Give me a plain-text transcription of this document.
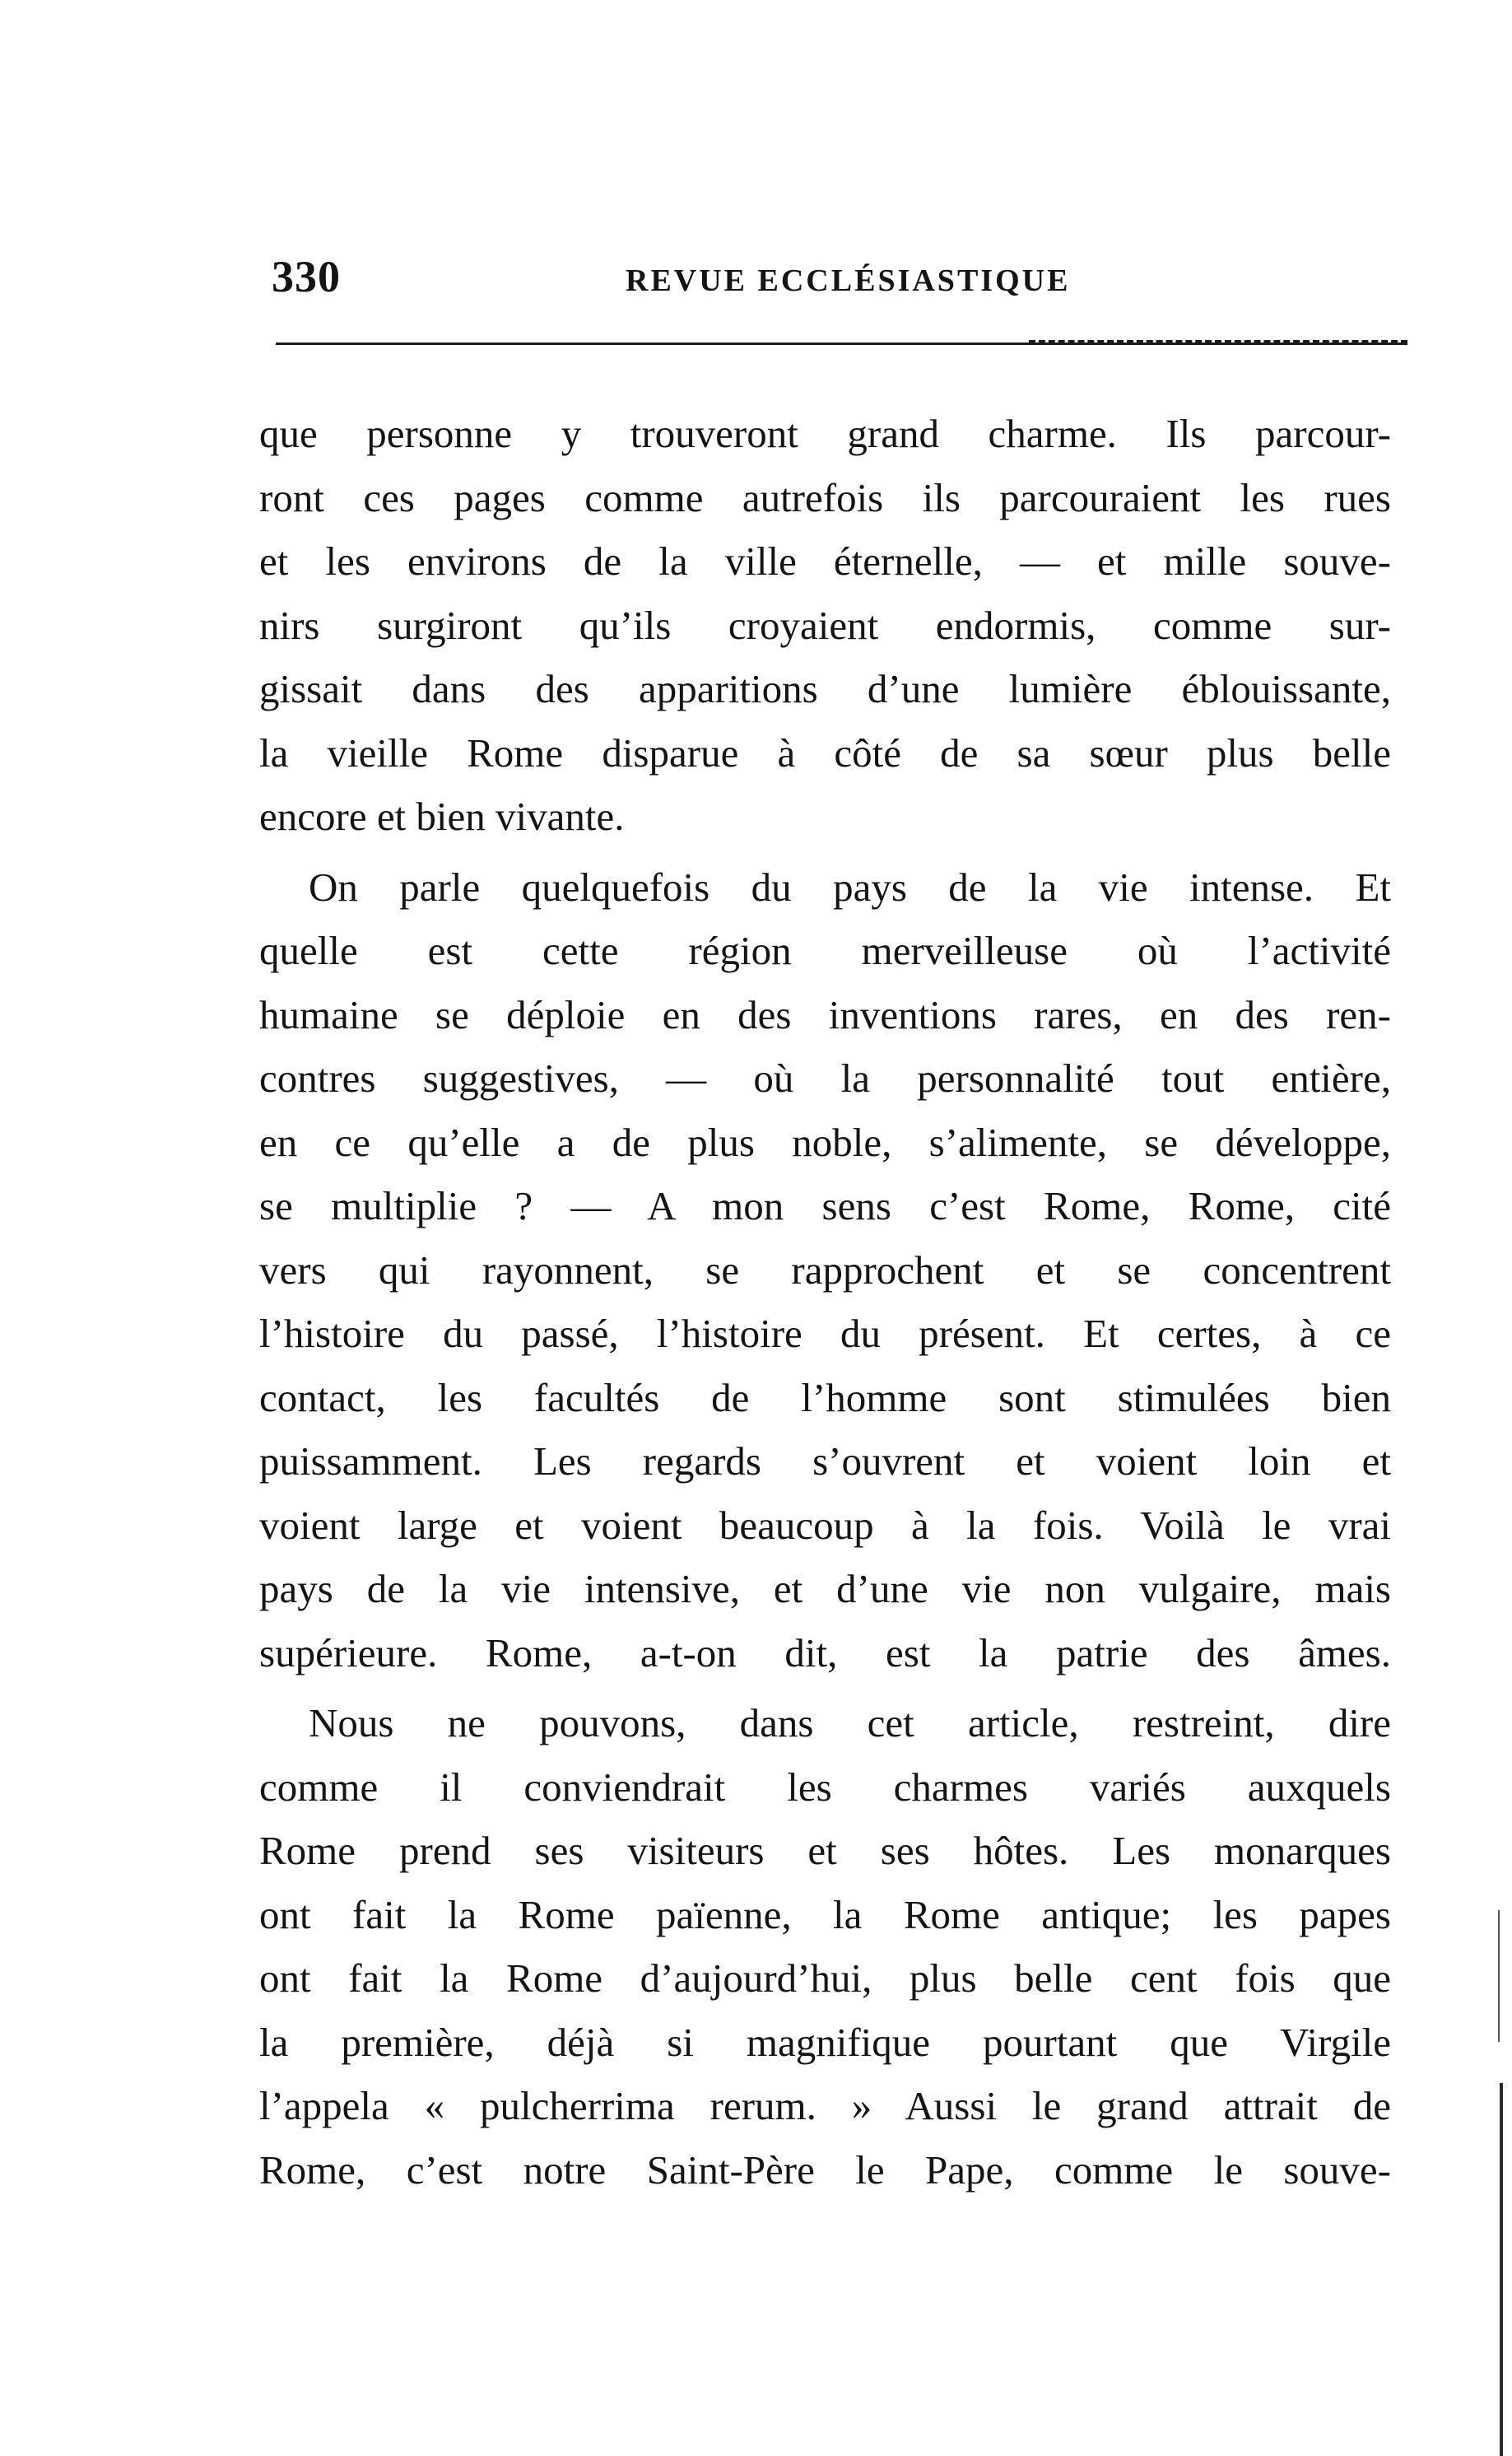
330	REVUE ECCLÉSIASTIQUE
que personne y trouveront grand charme. Ils parcour-
ront ces pages comme autrefois ils parcouraient les rues
et les environs de la ville éternelle, — et mille souve-
nirs surgiront qu’ils croyaient endormis, comme sur-
gissait dans des apparitions d’une lumière éblouissante,
la vieille Rome disparue à côté de sa sœur plus belle
encore et bien vivante.
On parle quelquefois du pays de la vie intense. Et
quelle est cette région merveilleuse où l’activité
humaine se déploie en des inventions rares, en des ren-
contres suggestives, — où la personnalité tout entière,
en ce qu’elle a de plus noble, s’alimente, se développe,
se multiplie ? — A mon sens c’est Rome, Rome, cité
vers qui rayonnent, se rapprochent et se concentrent
l’histoire du passé, l’histoire du présent. Et certes, à ce
contact, les facultés de l’homme sont stimulées bien
puissamment. Les regards s’ouvrent et voient loin et
voient large et voient beaucoup à la fois. Voilà le vrai
pays de la vie intensive, et d’une vie non vulgaire, mais
supérieure. Rome, a-t-on dit, est la patrie des âmes.
Nous ne pouvons, dans cet article, restreint, dire
comme il conviendrait les charmes variés auxquels
Rome prend ses visiteurs et ses hôtes. Les monarques
ont fait la Rome païenne, la Rome antique; les papes
ont fait la Rome d’aujourd’hui, plus belle cent fois que
la première, déjà si magnifique pourtant que Virgile
l’appela « pulcherrima rerum. » Aussi le grand attrait de
Rome, c’est notre Saint-Père le Pape, comme le souve-
